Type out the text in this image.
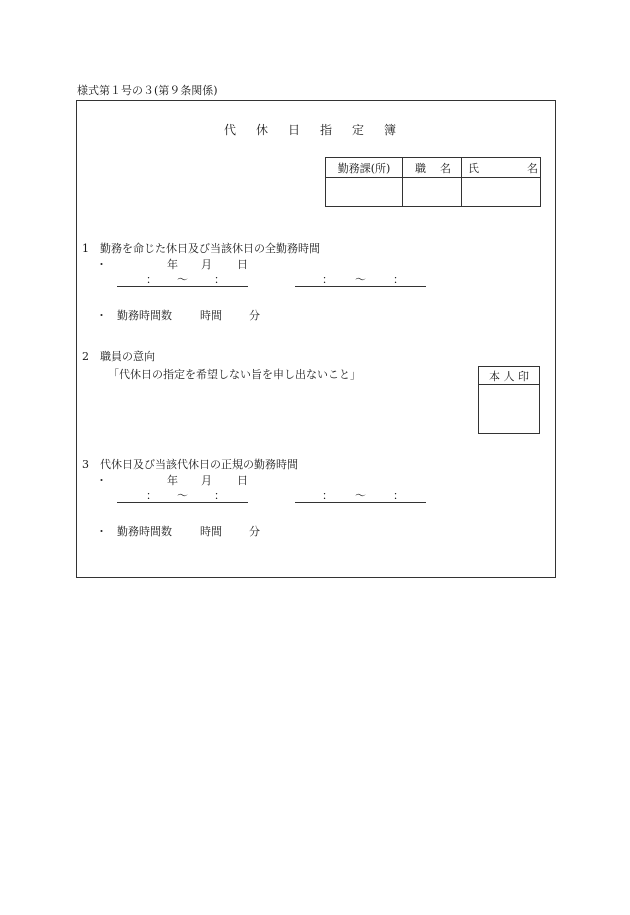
様式第１号の３(第９条関係)
代 休 日 指 定 簿
勤務課(所)	職 名	氏 名

1　勤務を命じた休日及び当該休日の全勤務時間
・	年 月 日
： ～ ：	： ～ ：
・ 勤務時間数	時間 分
2　職員の意向
「代休日の指定を希望しない旨を申し出ないこと」	本 人 印

3　代休日及び当該代休日の正規の勤務時間
・	年 月 日
： ～ ：	： ～ ：
・ 勤務時間数	時間 分
